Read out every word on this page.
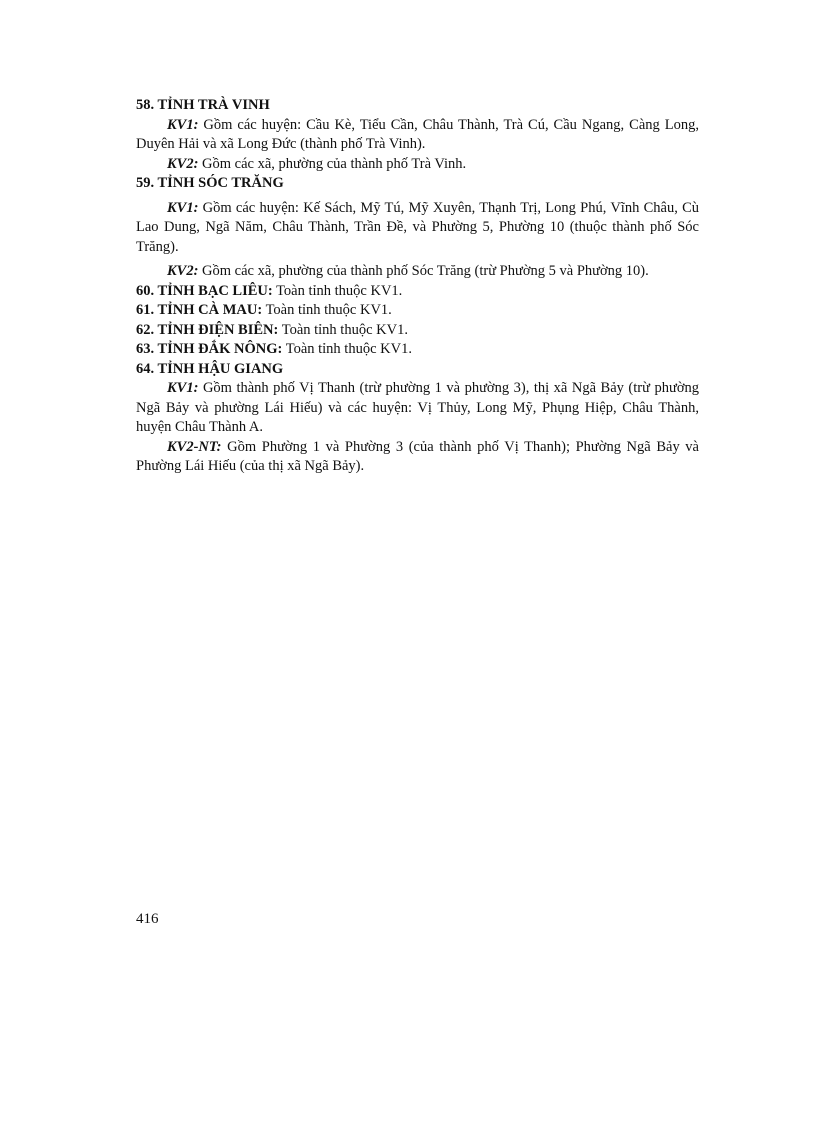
58. TỈNH TRÀ VINH

KV1: Gồm các huyện: Cầu Kè, Tiểu Cần, Châu Thành, Trà Cú, Cầu Ngang, Càng Long, Duyên Hải và xã Long Đức (thành phố Trà Vinh).

KV2: Gồm các xã, phường của thành phố Trà Vinh.

59. TỈNH SÓC TRĂNG

KV1: Gồm các huyện: Kế Sách, Mỹ Tú, Mỹ Xuyên, Thạnh Trị, Long Phú, Vĩnh Châu, Cù Lao Dung, Ngã Năm, Châu Thành, Trần Đề, và Phường 5, Phường 10 (thuộc thành phố Sóc Trăng).

KV2: Gồm các xã, phường của thành phố Sóc Trăng (trừ Phường 5 và Phường 10).

60. TỈNH BẠC LIÊU: Toàn tỉnh thuộc KV1.

61. TỈNH CÀ MAU: Toàn tỉnh thuộc KV1.

62. TỈNH ĐIỆN BIÊN: Toàn tỉnh thuộc KV1.

63. TỈNH ĐẮK NÔNG: Toàn tỉnh thuộc KV1.

64. TỈNH HẬU GIANG

KV1: Gồm thành phố Vị Thanh (trừ phường 1 và phường 3), thị xã Ngã Bảy (trừ phường Ngã Bảy và phường Lái Hiếu) và các huyện: Vị Thủy, Long Mỹ, Phụng Hiệp, Châu Thành, huyện Châu Thành A.

KV2-NT: Gồm Phường 1 và Phường 3 (của thành phố Vị Thanh); Phường Ngã Bảy và Phường Lái Hiếu (của thị xã Ngã Bảy).

416
